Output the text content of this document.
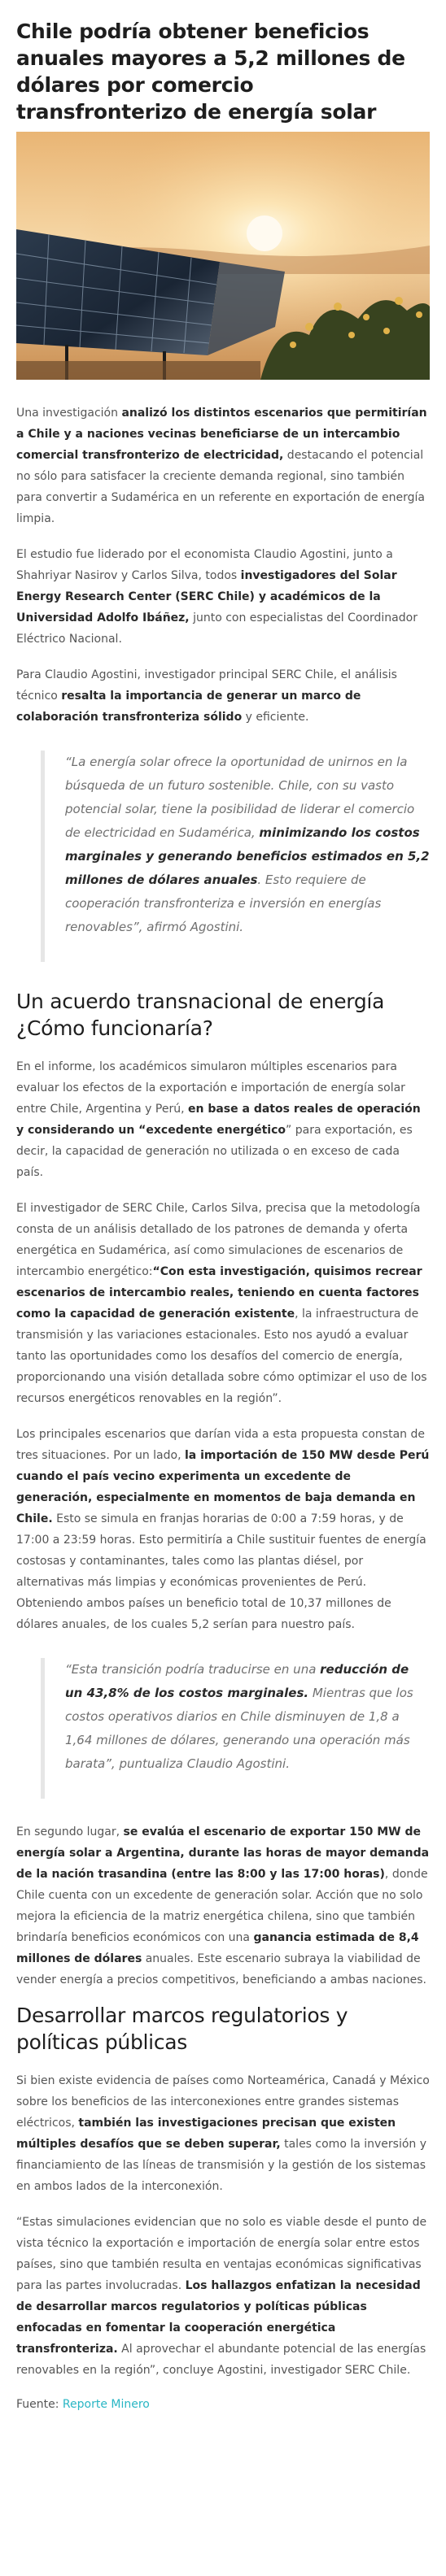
Chile podría obtener beneficios anuales mayores a 5,2 millones de dólares por comercio transfronterizo de energía solar

Una investigación analizó los distintos escenarios que permitirían a Chile y a naciones vecinas beneficiarse de un intercambio comercial transfronterizo de electricidad, destacando el potencial no sólo para satisfacer la creciente demanda regional, sino también para convertir a Sudamérica en un referente en exportación de energía limpia.

El estudio fue liderado por el economista Claudio Agostini, junto a Shahriyar Nasirov y Carlos Silva, todos investigadores del Solar Energy Research Center (SERC Chile) y académicos de la Universidad Adolfo Ibáñez, junto con especialistas del Coordinador Eléctrico Nacional.

Para Claudio Agostini, investigador principal SERC Chile, el análisis técnico resalta la importancia de generar un marco de colaboración transfronteriza sólido y eficiente.

“La energía solar ofrece la oportunidad de unirnos en la búsqueda de un futuro sostenible. Chile, con su vasto potencial solar, tiene la posibilidad de liderar el comercio de electricidad en Sudamérica, minimizando los costos marginales y generando beneficios estimados en 5,2 millones de dólares anuales. Esto requiere de cooperación transfronteriza e inversión en energías renovables”, afirmó Agostini.

Un acuerdo transnacional de energía ¿Cómo funcionaría?

En el informe, los académicos simularon múltiples escenarios para evaluar los efectos de la exportación e importación de energía solar entre Chile, Argentina y Perú, en base a datos reales de operación y considerando un “excedente energético” para exportación, es decir, la capacidad de generación no utilizada o en exceso de cada país.

El investigador de SERC Chile, Carlos Silva, precisa que la metodología consta de un análisis detallado de los patrones de demanda y oferta energética en Sudamérica, así como simulaciones de escenarios de intercambio energético:“Con esta investigación, quisimos recrear escenarios de intercambio reales, teniendo en cuenta factores como la capacidad de generación existente, la infraestructura de transmisión y las variaciones estacionales. Esto nos ayudó a evaluar tanto las oportunidades como los desafíos del comercio de energía, proporcionando una visión detallada sobre cómo optimizar el uso de los recursos energéticos renovables en la región”.

Los principales escenarios que darían vida a esta propuesta constan de tres situaciones. Por un lado, la importación de 150 MW desde Perú cuando el país vecino experimenta un excedente de generación, especialmente en momentos de baja demanda en Chile. Esto se simula en franjas horarias de 0:00 a 7:59 horas, y de 17:00 a 23:59 horas. Esto permitiría a Chile sustituir fuentes de energía costosas y contaminantes, tales como las plantas diésel, por alternativas más limpias y económicas provenientes de Perú. Obteniendo ambos países un beneficio total de 10,37 millones de dólares anuales, de los cuales 5,2 serían para nuestro país.

“Esta transición podría traducirse en una reducción de un 43,8% de los costos marginales. Mientras que los costos operativos diarios en Chile disminuyen de 1,8 a 1,64 millones de dólares, generando una operación más barata”, puntualiza Claudio Agostini.

En segundo lugar, se evalúa el escenario de exportar 150 MW de energía solar a Argentina, durante las horas de mayor demanda de la nación trasandina (entre las 8:00 y las 17:00 horas), donde Chile cuenta con un excedente de generación solar. Acción que no solo mejora la eficiencia de la matriz energética chilena, sino que también brindaría beneficios económicos con una ganancia estimada de 8,4 millones de dólares anuales. Este escenario subraya la viabilidad de vender energía a precios competitivos, beneficiando a ambas naciones.

Desarrollar marcos regulatorios y políticas públicas

Si bien existe evidencia de países como Norteamérica, Canadá y México sobre los beneficios de las interconexiones entre grandes sistemas eléctricos, también las investigaciones precisan que existen múltiples desafíos que se deben superar, tales como la inversión y financiamiento de las líneas de transmisión y la gestión de los sistemas en ambos lados de la interconexión.

“Estas simulaciones evidencian que no solo es viable desde el punto de vista técnico la exportación e importación de energía solar entre estos países, sino que también resulta en ventajas económicas significativas para las partes involucradas. Los hallazgos enfatizan la necesidad de desarrollar marcos regulatorios y políticas públicas enfocadas en fomentar la cooperación energética transfronteriza. Al aprovechar el abundante potencial de las energías renovables en la región”, concluye Agostini, investigador SERC Chile.

Fuente: Reporte Minero
